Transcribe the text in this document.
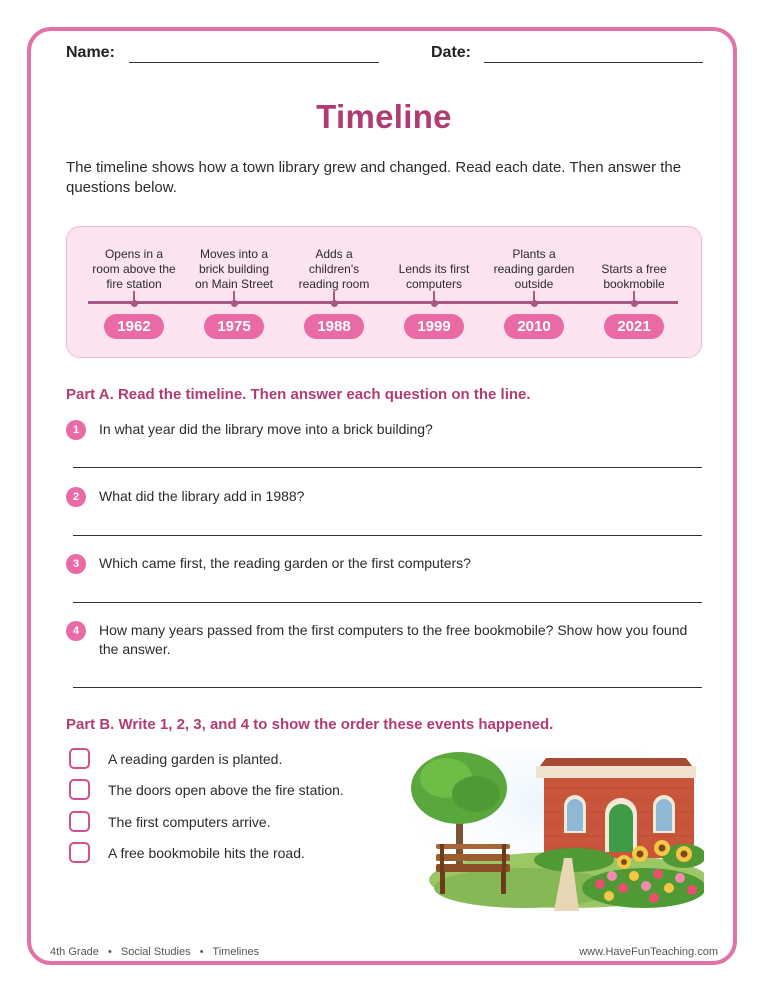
Name:	Date:
Timeline
The timeline shows how a town library grew and changed. Read each date. Then answer the questions below.
Opens in a
room above the
fire station
1962
Moves into a
brick building
on Main Street
1975
Adds a
children's
reading room
1988
Lends its first
computers
1999
Plants a
reading garden
outside
2010
Starts a free
bookmobile
2021
Part A. Read the timeline. Then answer each question on the line.
1	In what year did the library move into a brick building?
2	What did the library add in 1988?
3	Which came first, the reading garden or the first computers?
4	How many years passed from the first computers to the free bookmobile? Show how you found the answer.
Part B. Write 1, 2, 3, and 4 to show the order these events happened.
A reading garden is planted.
The doors open above the fire station.
The first computers arrive.
A free bookmobile hits the road.
4th Grade • Social Studies • Timelines	www.HaveFunTeaching.com
